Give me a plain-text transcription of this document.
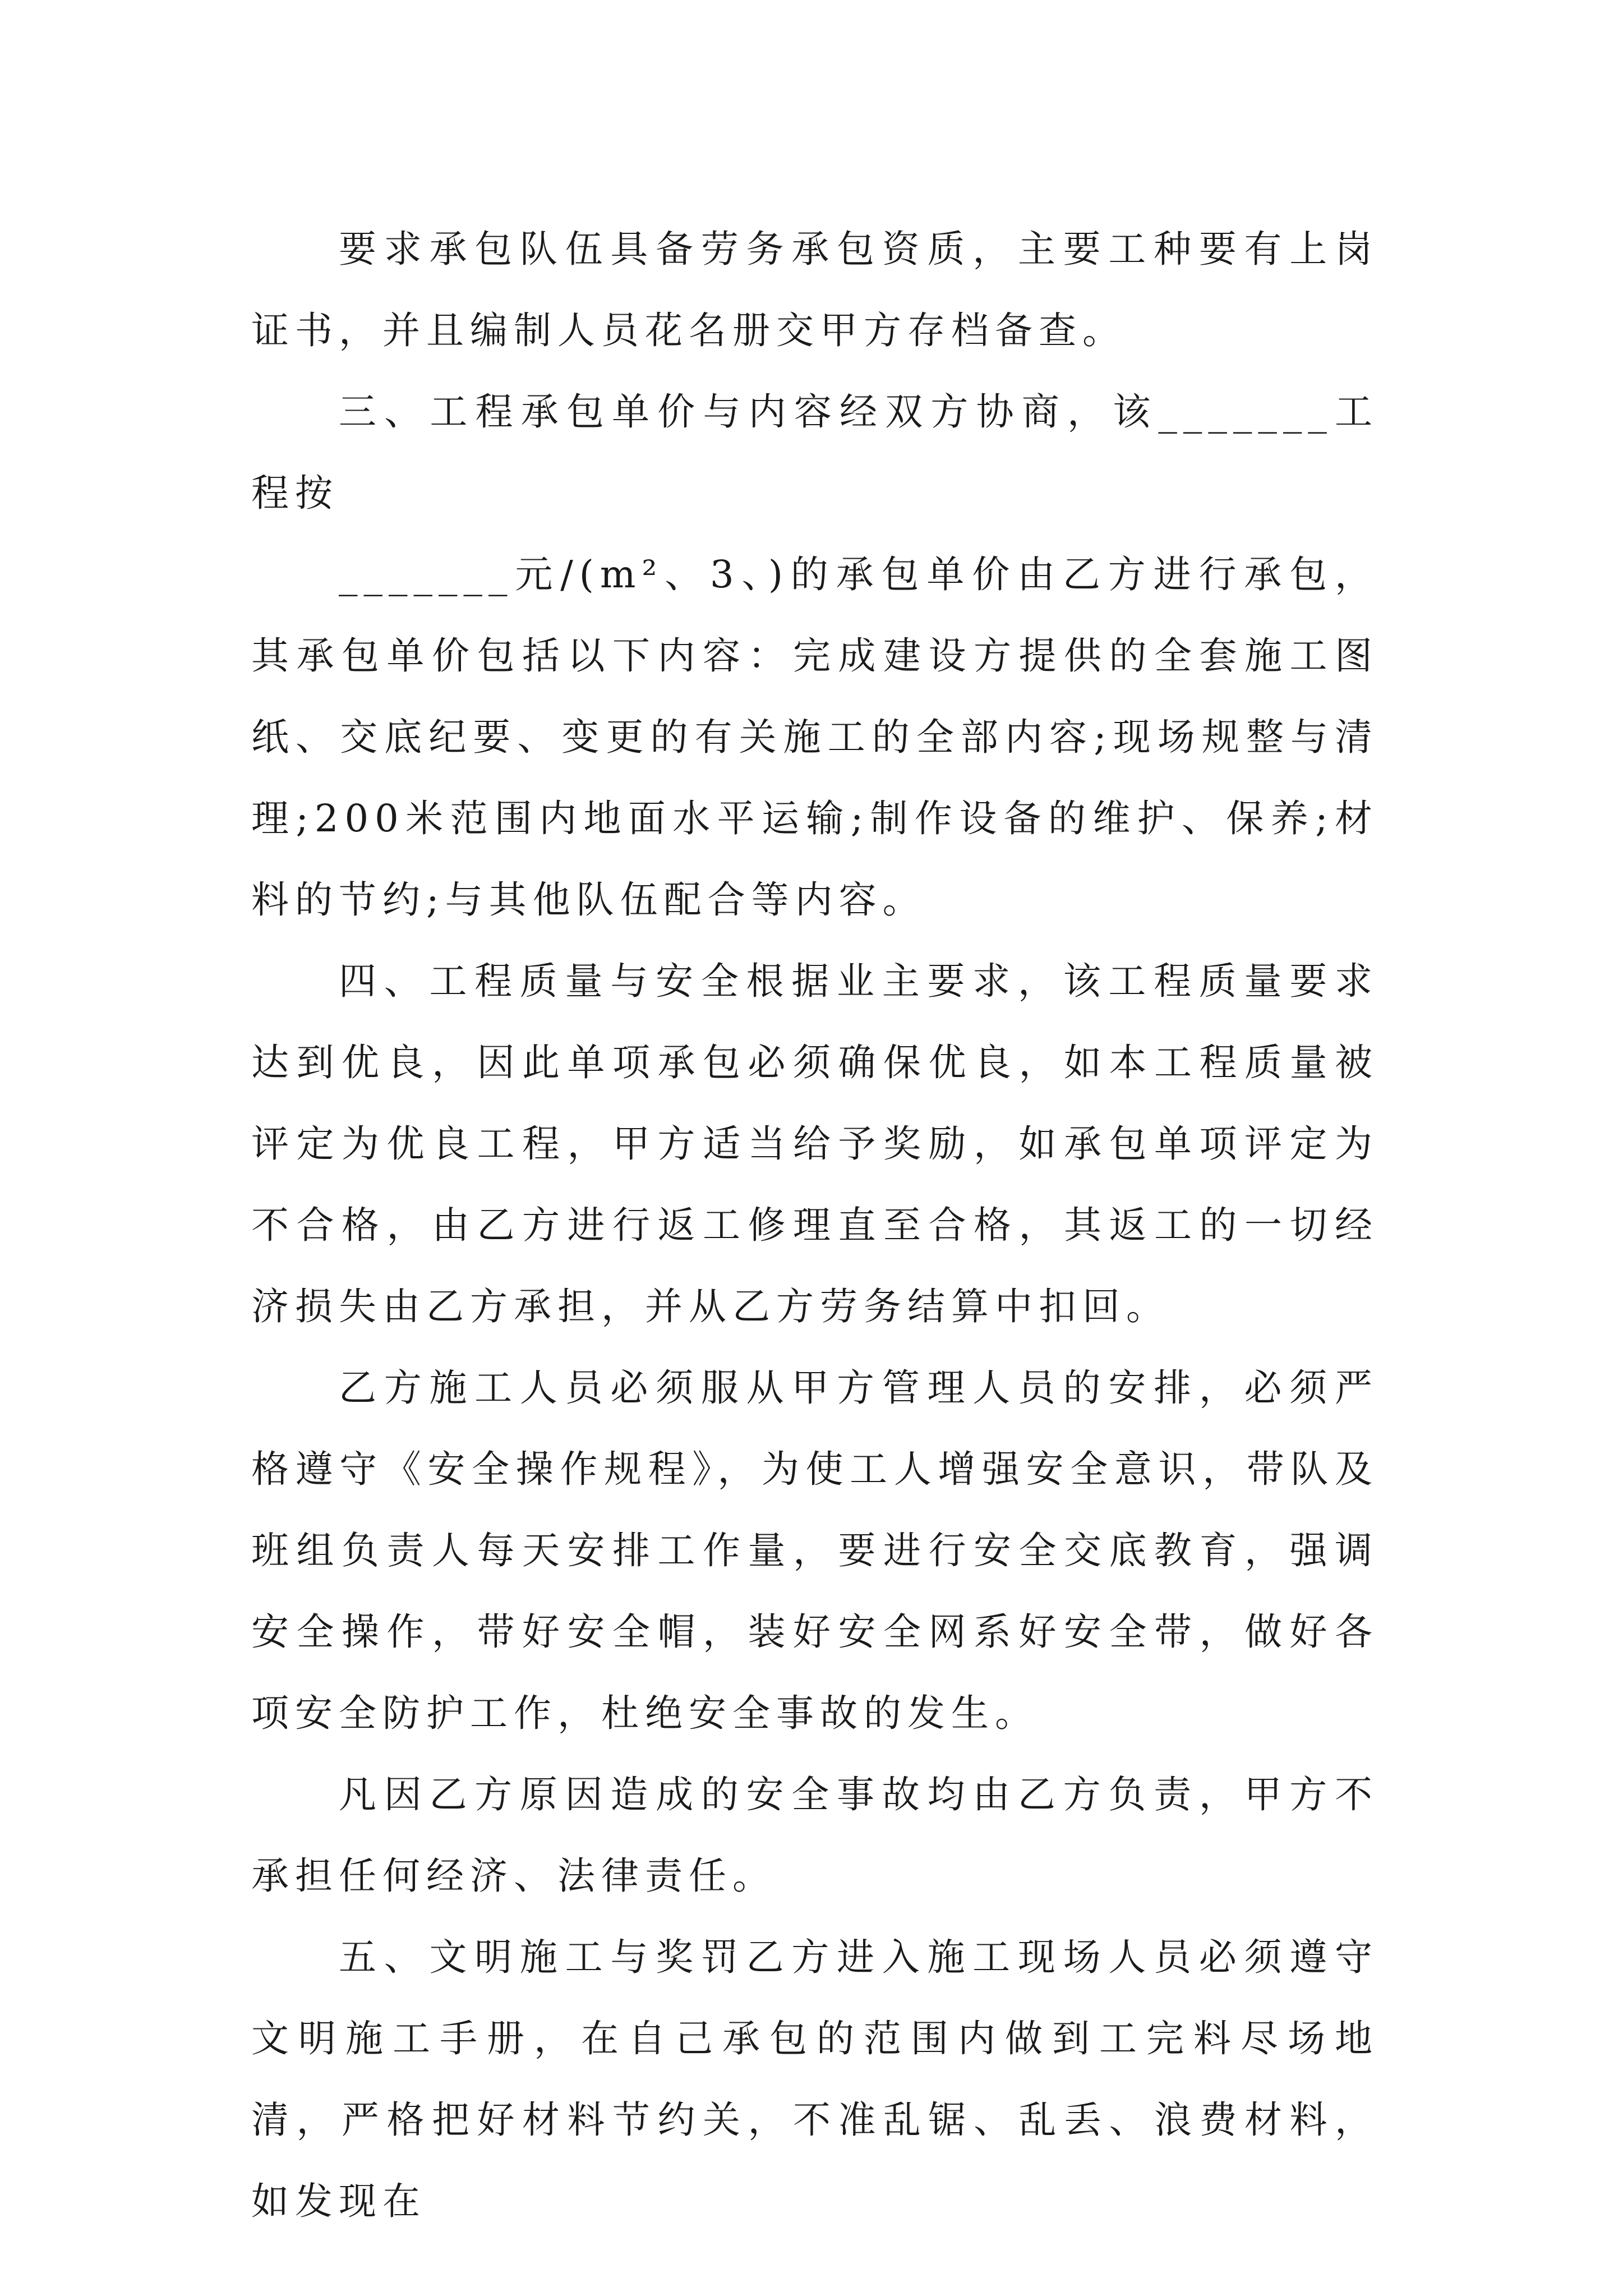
要求承包队伍具备劳务承包资质，主要工种要有上岗证书，并且编制人员花名册交甲方存档备查。

三、工程承包单价与内容经双方协商，该_______工程按

_______元/(m²、3、)的承包单价由乙方进行承包，其承包单价包括以下内容：完成建设方提供的全套施工图纸、交底纪要、变更的有关施工的全部内容;现场规整与清理;200米范围内地面水平运输;制作设备的维护、保养;材料的节约;与其他队伍配合等内容。

四、工程质量与安全根据业主要求，该工程质量要求达到优良，因此单项承包必须确保优良，如本工程质量被评定为优良工程，甲方适当给予奖励，如承包单项评定为不合格，由乙方进行返工修理直至合格，其返工的一切经济损失由乙方承担，并从乙方劳务结算中扣回。

乙方施工人员必须服从甲方管理人员的安排，必须严格遵守《安全操作规程》，为使工人增强安全意识，带队及班组负责人每天安排工作量，要进行安全交底教育，强调安全操作，带好安全帽，装好安全网系好安全带，做好各项安全防护工作，杜绝安全事故的发生。

凡因乙方原因造成的安全事故均由乙方负责，甲方不承担任何经济、法律责任。

五、文明施工与奖罚乙方进入施工现场人员必须遵守文明施工手册，在自己承包的范围内做到工完料尽场地清，严格把好材料节约关，不准乱锯、乱丢、浪费材料，如发现在
